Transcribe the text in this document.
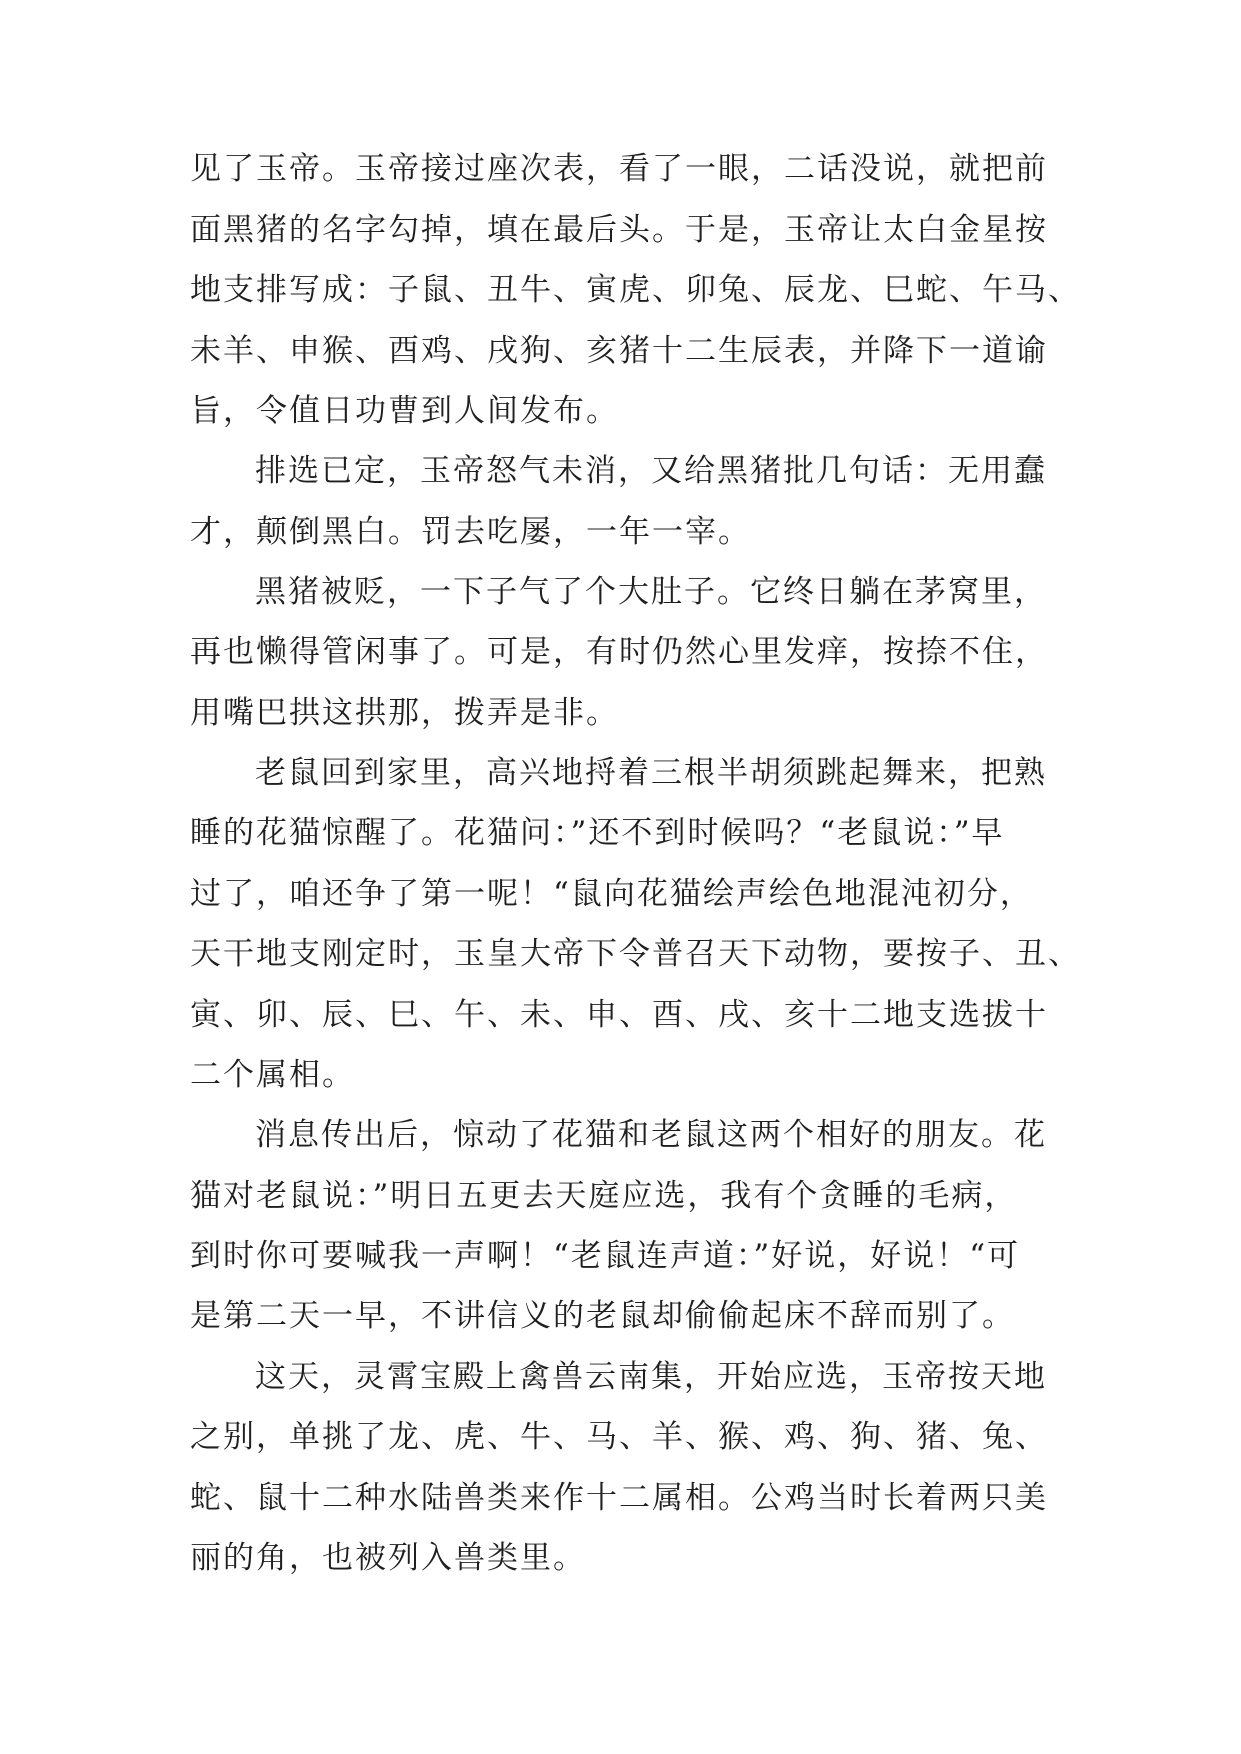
见了玉帝。玉帝接过座次表，看了一眼，二话没说，就把前
面黑猪的名字勾掉，填在最后头。于是，玉帝让太白金星按
地支排写成：子鼠、丑牛、寅虎、卯兔、辰龙、巳蛇、午马、
未羊、申猴、酉鸡、戌狗、亥猪十二生辰表，并降下一道谕
旨，令值日功曹到人间发布。
排选已定，玉帝怒气未消，又给黑猪批几句话：无用蠢
才，颠倒黑白。罚去吃屡，一年一宰。
黑猪被贬，一下子气了个大肚子。它终日躺在茅窝里，
再也懒得管闲事了。可是，有时仍然心里发痒，按捺不住，
用嘴巴拱这拱那，拨弄是非。
老鼠回到家里，高兴地捋着三根半胡须跳起舞来，把熟
睡的花猫惊醒了。花猫问：”还不到时候吗？“老鼠说：”早
过了，咱还争了第一呢！“鼠向花猫绘声绘色地混沌初分，
天干地支刚定时，玉皇大帝下令普召天下动物，要按子、丑、
寅、卯、辰、巳、午、未、申、酉、戌、亥十二地支选拔十
二个属相。
消息传出后，惊动了花猫和老鼠这两个相好的朋友。花
猫对老鼠说：”明日五更去天庭应选，我有个贪睡的毛病，
到时你可要喊我一声啊！“老鼠连声道：”好说，好说！“可
是第二天一早，不讲信义的老鼠却偷偷起床不辞而别了。
这天，灵霄宝殿上禽兽云南集，开始应选，玉帝按天地
之别，单挑了龙、虎、牛、马、羊、猴、鸡、狗、猪、兔、
蛇、鼠十二种水陆兽类来作十二属相。公鸡当时长着两只美
丽的角，也被列入兽类里。
